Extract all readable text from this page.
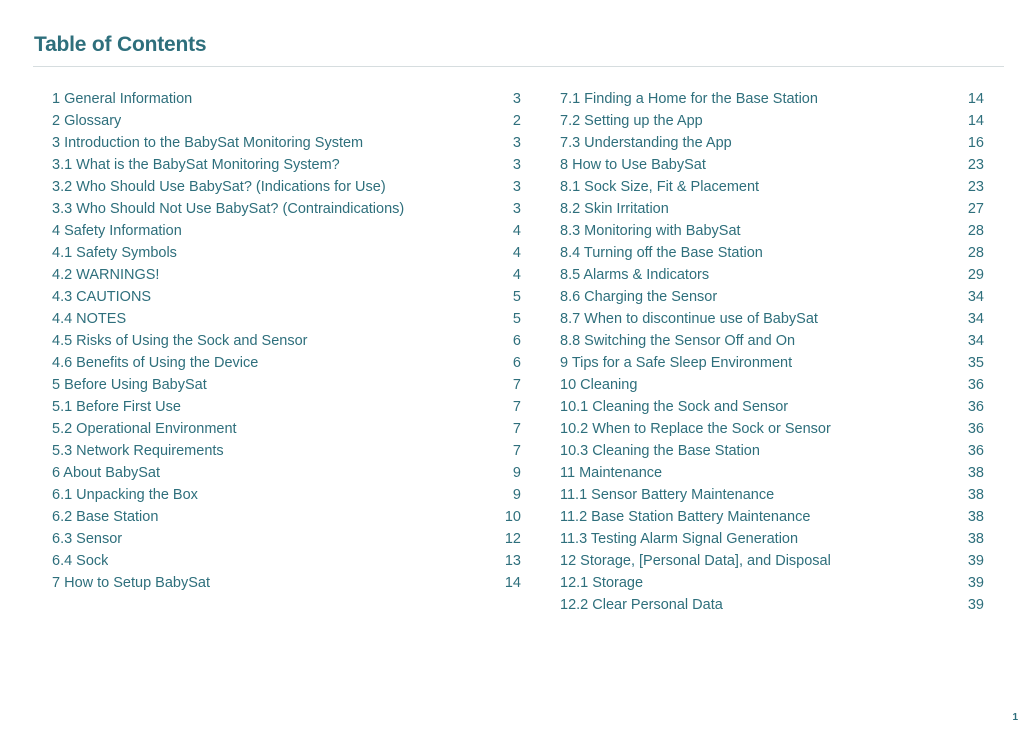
Table of Contents
1 General Information	3
2 Glossary	2
3 Introduction to the BabySat Monitoring System	3
3.1 What is the BabySat Monitoring System?	3
3.2 Who Should Use BabySat? (Indications for Use)	3
3.3 Who Should Not Use BabySat? (Contraindications)	3
4 Safety Information	4
4.1 Safety Symbols	4
4.2 WARNINGS!	4
4.3 CAUTIONS	5
4.4 NOTES	5
4.5 Risks of Using the Sock and Sensor	6
4.6 Benefits of Using the Device	6
5 Before Using BabySat	7
5.1 Before First Use	7
5.2 Operational Environment	7
5.3 Network Requirements	7
6 About BabySat	9
6.1 Unpacking the Box	9
6.2 Base Station	10
6.3 Sensor	12
6.4 Sock	13
7 How to Setup BabySat	14
7.1 Finding a Home for the Base Station	14
7.2 Setting up the App	14
7.3 Understanding the App	16
8 How to Use BabySat	23
8.1 Sock Size, Fit & Placement	23
8.2 Skin Irritation	27
8.3 Monitoring with BabySat	28
8.4 Turning off the Base Station	28
8.5 Alarms & Indicators	29
8.6 Charging the Sensor	34
8.7 When to discontinue use of BabySat	34
8.8 Switching the Sensor Off and On	34
9 Tips for a Safe Sleep Environment	35
10 Cleaning	36
10.1 Cleaning the Sock and Sensor	36
10.2 When to Replace the Sock or Sensor	36
10.3 Cleaning the Base Station	36
11 Maintenance	38
11.1 Sensor Battery Maintenance	38
11.2 Base Station Battery Maintenance	38
11.3 Testing Alarm Signal Generation	38
12 Storage, [Personal Data], and Disposal	39
12.1 Storage	39
12.2 Clear Personal Data	39
1
